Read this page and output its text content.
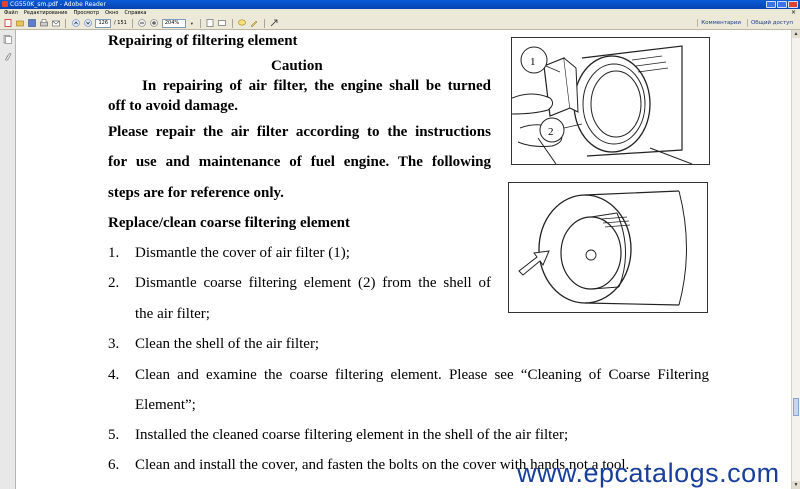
CG550K_sm.pdf - Adobe Reader
Файл Редактирование Просмотр Окно Справка	×
126	/ 151	204%	▼	Комментарии	Общий доступ
Repairing of filtering element
Caution
In repairing of air filter, the engine shall be turned
off to avoid damage.
Please repair the air filter according to the instructions
for use and maintenance of fuel engine. The following
steps are for reference only.
Replace/clean coarse filtering element
1. Dismantle the cover of air filter (1);
2. Dismantle coarse filtering element (2) from the shell of
the air filter;
3. Clean the shell of the air filter;
4. Clean and examine the coarse filtering element. Please see “Cleaning of Coarse Filtering
Element”;
5. Installed the cleaned coarse filtering element in the shell of the air filter;
6. Clean and install the cover, and fasten the bolts on the cover with hands not a tool.
1
2
www.epcatalogs.com
▲
▼
